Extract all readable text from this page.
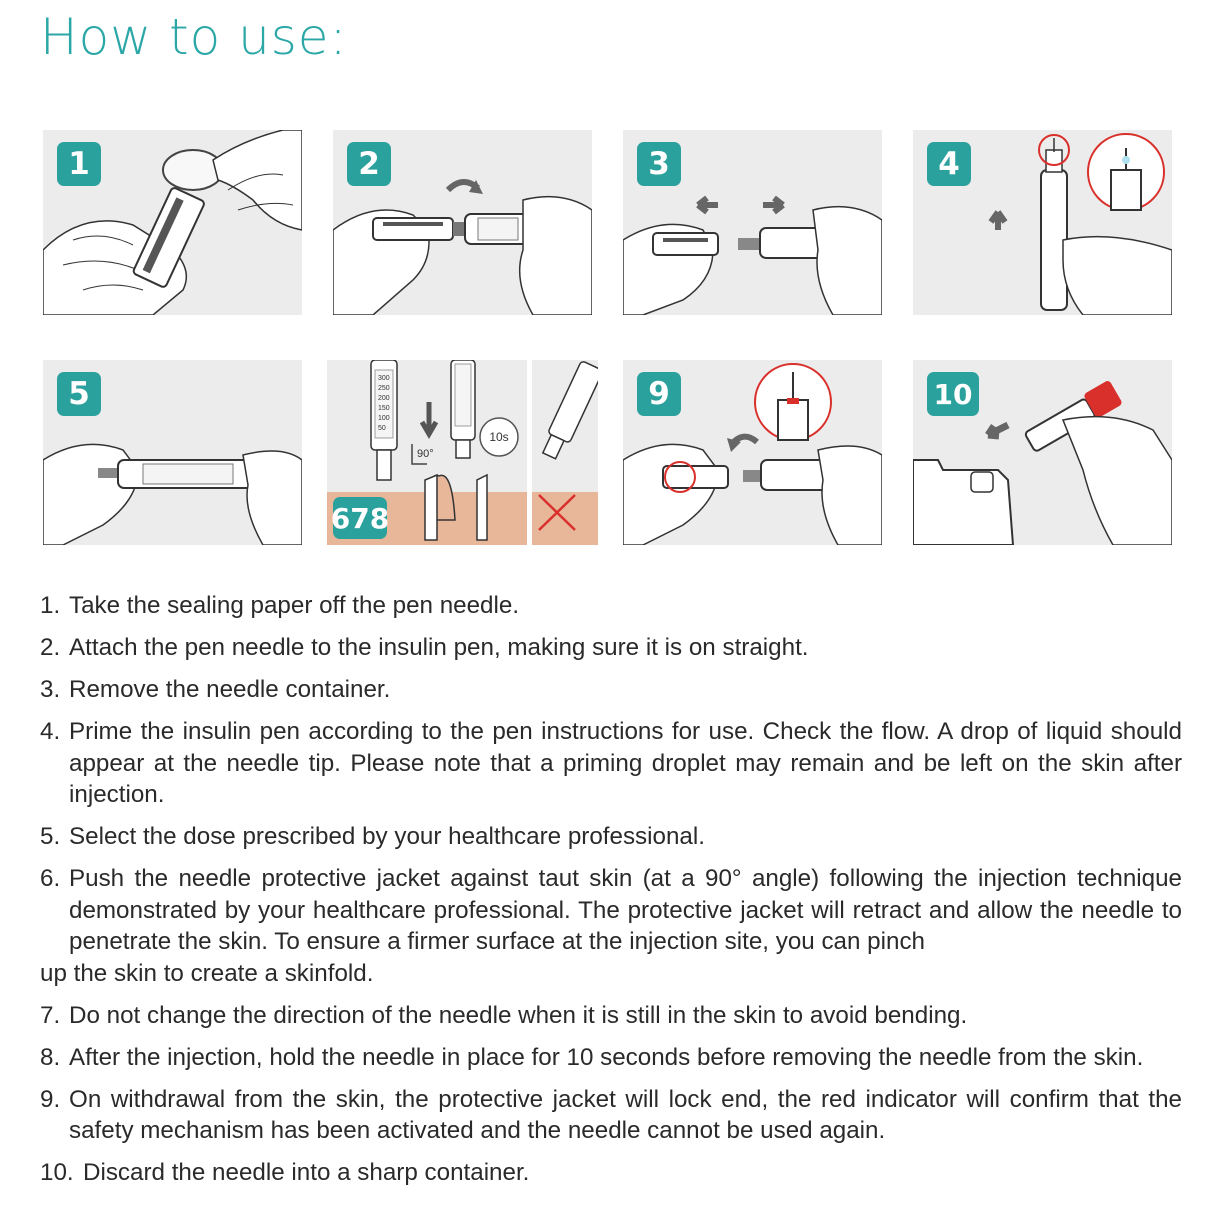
How to use:
1	2	3	4
5	300
250
200
150
100
50
90°
10s
678
9	10
1. Take the sealing paper off the pen needle.
2. Attach the pen needle to the insulin pen, making sure it is on straight.
3. Remove the needle container.
4. Prime the insulin pen according to the pen instructions for use. Check the flow. A drop of liquid should appear at the needle tip. Please note that a priming droplet may remain and be left on the skin after injection.
5. Select the dose prescribed by your healthcare professional.
6. Push the needle protective jacket against taut skin (at a 90° angle) following the injection technique demonstrated by your healthcare professional. The protective jacket will retract and allow the needle to penetrate the skin. To ensure a firmer surface at the injection site, you can pinch
up the skin to create a skinfold.
7. Do not change the direction of the needle when it is still in the skin to avoid bending.
8. After the injection, hold the needle in place for 10 seconds before removing the needle from the skin.
9. On withdrawal from the skin, the protective jacket will lock end, the red indicator will confirm that the safety mechanism has been activated and the needle cannot be used again.
10. Discard the needle into a sharp container.
